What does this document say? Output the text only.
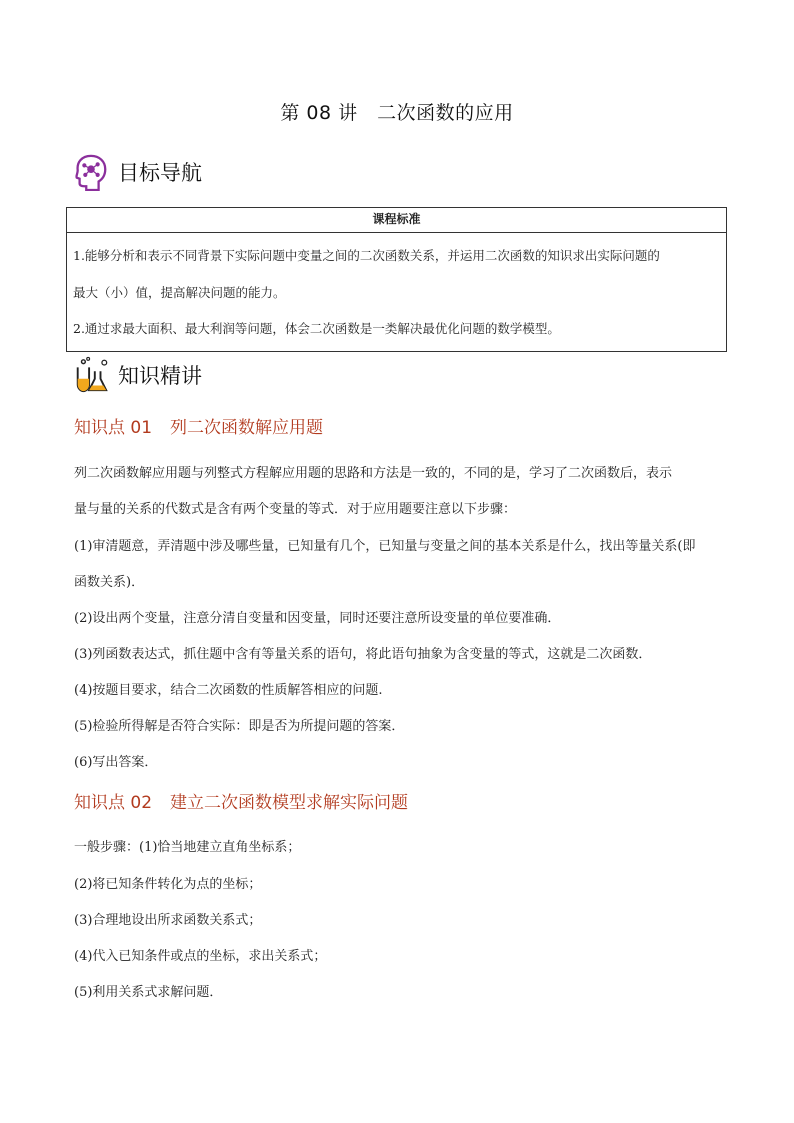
第 08 讲　二次函数的应用
目标导航
课程标准
1.能够分析和表示不同背景下实际问题中变量之间的二次函数关系，并运用二次函数的知识求出实际问题的
最大（小）值，提高解决问题的能力。
2.通过求最大面积、最大利润等问题，体会二次函数是一类解决最优化问题的数学模型。
知识精讲
知识点 01 列二次函数解应用题
列二次函数解应用题与列整式方程解应用题的思路和方法是一致的，不同的是，学习了二次函数后，表示
量与量的关系的代数式是含有两个变量的等式．对于应用题要注意以下步骤：
(1)审清题意，弄清题中涉及哪些量，已知量有几个，已知量与变量之间的基本关系是什么，找出等量关系(即
函数关系)．
(2)设出两个变量，注意分清自变量和因变量，同时还要注意所设变量的单位要准确．
(3)列函数表达式，抓住题中含有等量关系的语句，将此语句抽象为含变量的等式，这就是二次函数．
(4)按题目要求，结合二次函数的性质解答相应的问题.
(5)检验所得解是否符合实际：即是否为所提问题的答案．
(6)写出答案．
知识点 02 建立二次函数模型求解实际问题
一般步骤：(1)恰当地建立直角坐标系；
(2)将已知条件转化为点的坐标；
(3)合理地设出所求函数关系式；
(4)代入已知条件或点的坐标，求出关系式；
(5)利用关系式求解问题．
